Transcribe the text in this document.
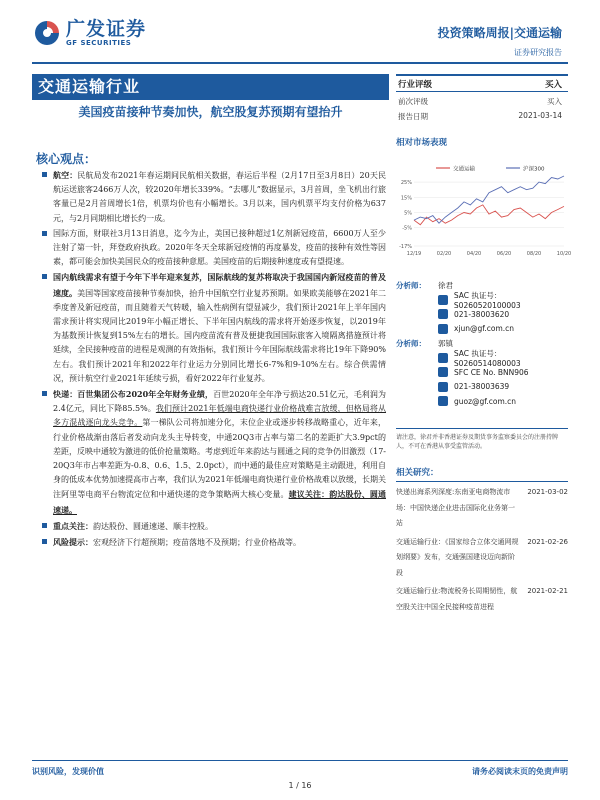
广发证券
GF SECURITIES
投资策略周报|交通运输
证券研究报告
交通运输行业
美国疫苗接种节奏加快，航空股复苏预期有望抬升
核心观点：
航空：民航局发布2021年春运期间民航相关数据，春运后半程（2月17日至3月8日）20天民航运送旅客2466万人次，较2020年增长339%。“去哪儿”数据显示，3月首周，坐飞机出行旅客量已是2月首周增长1倍，机票均价也有小幅增长。3月以来，国内机票平均支付价格为637元，与2月同期相比增长约一成。
国际方面，财联社3月13日消息，迄今为止，美国已接种超过1亿剂新冠疫苗，6600万人至少注射了第一针，拜登政府执政。2020年冬天全球新冠疫情的再度暴发，疫苗的接种有效性等因素，都可能会加快美国民众的疫苗接种意愿。美国疫苗的后期接种速度或有望提速。
国内航线需求有望于今年下半年迎来复苏，国际航线的复苏将取决于我国国内新冠疫苗的普及速度。美国等国家疫苗接种节奏加快，抬升中国航空行业复苏预期。如果欧美能够在2021年二季度普及新冠疫苗，而且随着天气转暖，输入性病例有望显减少，我们预计2021年上半年国内需求预计将实现同比2019年小幅正增长、下半年国内航线的需求将开始逐步恢复，以2019年为基数预计恢复到15%左右的增长。国内疫苗流有普及便捷我国国际旅客入境隔离措施预计将延续，全民接种疫苗的进程是观测的有效指标，我们预计今年国际航线需求将比19年下降90%左右。我们预计2021年和2022年行业运力分别同比增长6-7%和9-10%左右。综合供需情况，预计航空行业2021年延续亏损，看好2022年行业复苏。
快递：百世集团公布2020年全年财务业绩，百世2020年全年净亏损达20.51亿元，毛利润为2.4亿元，同比下降85.5%。我们预计2021年低端电商快递行业价格战难言放缓，但格局将从多方混战逐向龙头竞争。第一梯队公司将加速分化，末位企业或逐步转移战略重心，近年来，行业价格战渐由落后者发动向龙头主导转变，中通20Q3市占率与第二名的差距扩大3.9pct的差距，反映中通较为激进的低价抢量策略。考虑到近年来韵达与圆通之间的竞争仍旧激烈（17-20Q3年市占率差距为-0.8、0.6、1.5、2.0pct），而中通的最佳应对策略是主动跟进，利用自身的低成本优势加速提高市占率，我们认为2021年低端电商快递行业价格战难以放缓，长期关注阿里等电商平台物流定位和中通快递的竞争策略两大核心变量。建议关注：韵达股份、圆通速递。
重点关注：韵达股份、圆通速递、顺丰控股。
风险提示：宏观经济下行超预期；疫苗落地不及预期；行业价格战等。
行业评级	买入
前次评级	买入
报告日期	2021-03-14
相对市场表现
交通运输	沪深300
25%
15%
5%
-5%
-17%
12/19	02/20	04/20	06/20	08/20	10/20
分析师：	徐君
SAC 执证号：S0260520100003
021-38003620
xjun@gf.com.cn
分析师：	郭镇
SAC 执证号：S0260514080003
SFC CE No. BNN906
021-38003639
guoz@gf.com.cn
请注意，徐君并非香港证券及期货事务监察委员会的注册持牌人，不可在香港从事受监管活动。
相关研究：
快递出海系列深度:东南亚电商物流市场：中国快递企业进击国际化业务第一站
2021-03-02
交通运输行业：《国家综合立体交通网规划纲要》发布，交通强国建设迈向新阶段
2021-02-26
交通运输行业:物流税务长周期韧性，航空股关注中国全民接种疫苗进程
2021-02-21
识别风险，发现价值	请务必阅读末页的免责声明
1 / 16
